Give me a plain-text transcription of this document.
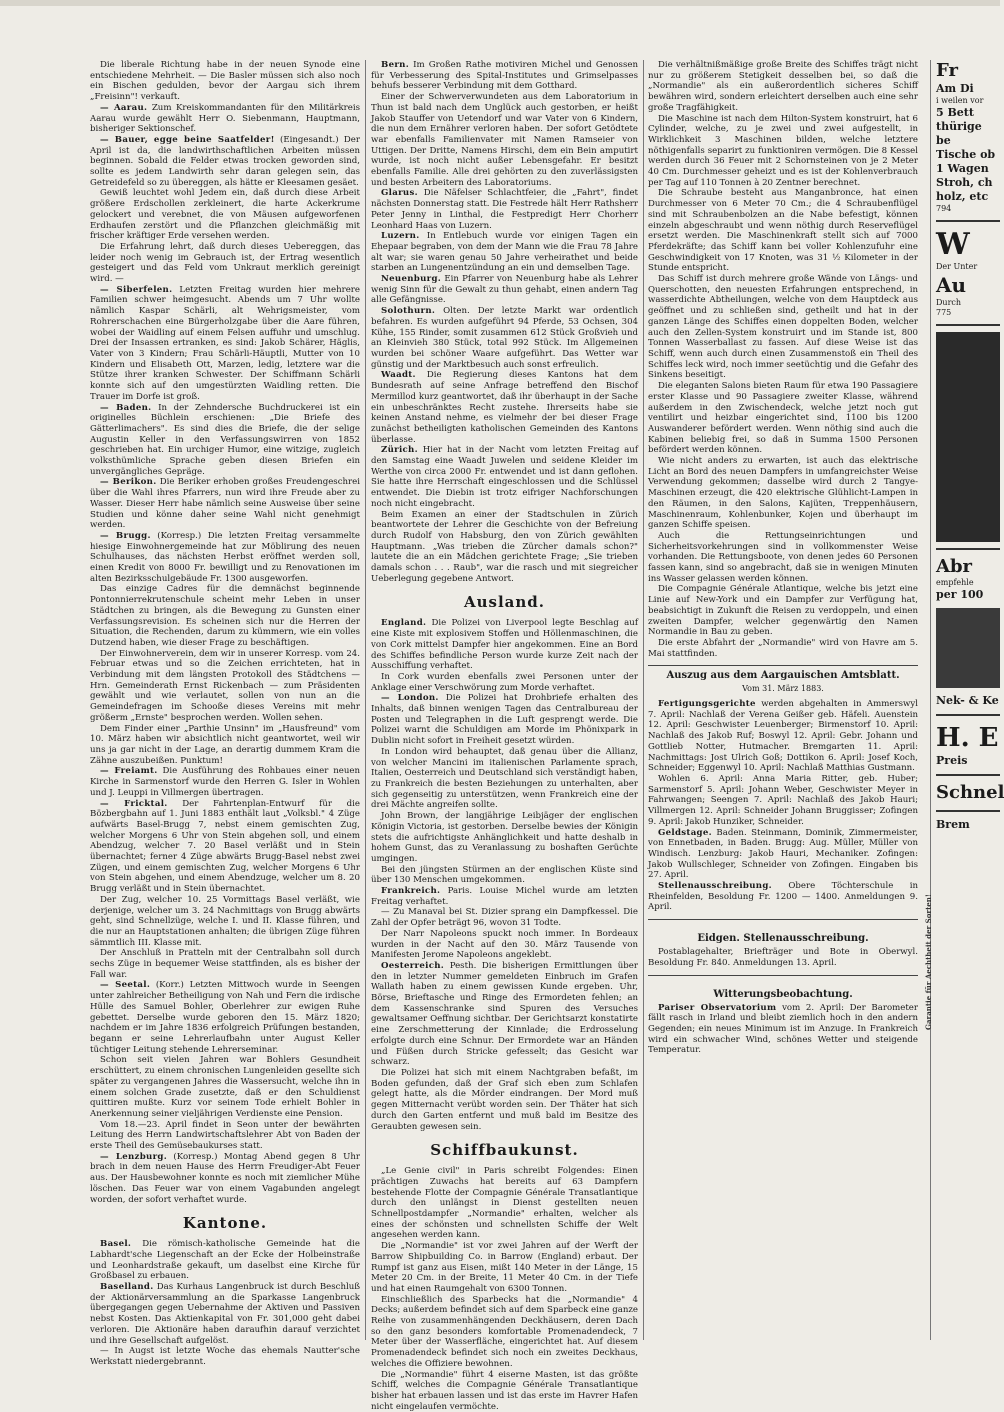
Die liberale Richtung habe in der neuen Synode eine entschiedene Mehrheit. — Die Basler müssen sich also noch ein Bischen gedulden, bevor der Aargau sich ihrem „Freisinn"! verkauft.

— Aarau. Zum Kreiskommandanten für den Militärkreis Aarau wurde gewählt Herr O. Siebenmann, Hauptmann, bisheriger Sektionschef.

— Bauer, egge beine Saatfelder! (Eingesandt.) Der April ist da, die landwirthschaftlichen Arbeiten müssen beginnen. Sobald die Felder etwas trocken geworden sind, sollte es jedem Landwirth sehr daran gelegen sein, das Getreidefeld so zu übereggen, als hätte er Kleesamen gesäet.

Gewiß leuchtet wohl Jedem ein, daß durch diese Arbeit größere Erdschollen zerkleinert, die harte Ackerkrume gelockert und verebnet, die von Mäusen aufgeworfenen Erdhaufen zerstört und die Pflanzchen gleichmäßig mit frischer kräftiger Erde versehen werden.

Die Erfahrung lehrt, daß durch dieses Uebereggen, das leider noch wenig im Gebrauch ist, der Ertrag wesentlich gesteigert und das Feld vom Unkraut merklich gereinigt wird. —

— Siberfelen. Letzten Freitag wurden hier mehrere Familien schwer heimgesucht. Abends um 7 Uhr wollte nämlich Kaspar Schärli, alt Wehrigsmeister, vom Rohrerschachen eine Bürgerholzgabe über die Aare führen, wobei der Waidling auf einem Felsen auffuhr und umschlug. Drei der Insassen ertranken, es sind: Jakob Schärer, Häglis, Vater von 3 Kindern; Frau Schärli-Häuptli, Mutter von 10 Kindern und Elisabeth Ott, Marzen, ledig, letztere war die Stütze ihrer kranken Schwester. Der Schiffmann Schärli konnte sich auf den umgestürzten Waidling retten. Die Trauer im Dorfe ist groß.

— Baden. In der Zehndersche Buchdruckerei ist ein originelles Büchlein erschienen: „Die Briefe des Gätterlimachers". Es sind dies die Briefe, die der selige Augustin Keller in den Verfassungswirren von 1852 geschrieben hat. Ein urchiger Humor, eine witzige, zugleich volksthümliche Sprache geben diesen Briefen ein unvergängliches Gepräge.

— Berikon. Die Beriker erhoben großes Freudengeschrei über die Wahl ihres Pfarrers, nun wird ihre Freude aber zu Wasser. Dieser Herr habe nämlich seine Ausweise über seine Studien und könne daher seine Wahl nicht genehmigt werden.

— Brugg. (Korresp.) Die letzten Freitag versammelte hiesige Einwohnergemeinde hat zur Möblirung des neuen Schulhauses, das nächsten Herbst eröffnet werden soll, einen Kredit von 8000 Fr. bewilligt und zu Renovationen im alten Bezirksschulgebäude Fr. 1300 ausgeworfen.

Das einzige Cadres für die demnächst beginnende Pontonnierrekrutenschule scheint mehr Leben in unser Städtchen zu bringen, als die Bewegung zu Gunsten einer Verfassungsrevision. Es scheinen sich nur die Herren der Situation, die Rechenden, darum zu kümmern, wie ein volles Dutzend haben, wie dieser Frage zu beschäftigen.

Der Einwohnerverein, dem wir in unserer Korresp. vom 24. Februar etwas und so die Zeichen errichteten, hat in Verbindung mit dem längsten Protokoll des Städtchens — Hrn. Gemeinderath Ernst Rickenbach — zum Präsidenten gewählt und wie verlautet, sollen von nun an die Gemeindefragen im Schooße dieses Vereins mit mehr größerm „Ernste" besprochen werden. Wollen sehen.

Dem Finder einer „Parthie Unsinn" im „Hausfreund" vom 10. März haben wir absichtlich nicht geantwortet, weil wir uns ja gar nicht in der Lage, an derartig dummem Kram die Zähne auszubeißen. Punktum!

— Freiamt. Die Ausführung des Rohbaues einer neuen Kirche in Sarmenstorf wurde den Herren G. Isler in Wohlen und J. Leuppi in Villmergen übertragen.

— Fricktal. Der Fahrtenplan-Entwurf für die Bözbergbahn auf 1. Juni 1883 enthält laut „Volksbl." 4 Züge aufwärts Basel-Brugg 7, nebst einem gemischten Zug, welcher Morgens 6 Uhr von Stein abgehen soll, und einem Abendzug, welcher 7. 20 Basel verläßt und in Stein übernachtet; ferner 4 Züge abwärts Brugg-Basel nebst zwei Zügen, und einem gemischten Zug, welcher Morgens 6 Uhr von Stein abgehen, und einem Abendzuge, welcher um 8. 20 Brugg verläßt und in Stein übernachtet.

Der Zug, welcher 10. 25 Vormittags Basel verläßt, wie derjenige, welcher um 3. 24 Nachmittags von Brugg abwärts geht, sind Schnellzüge, welche I. und II. Klasse führen, und die nur an Hauptstationen anhalten; die übrigen Züge führen sämmtlich III. Klasse mit.

Der Anschluß in Pratteln mit der Centralbahn soll durch sechs Züge in bequemer Weise stattfinden, als es bisher der Fall war.

— Seetal. (Korr.) Letzten Mittwoch wurde in Seengen unter zahlreicher Betheiligung von Nah und Fern die irdische Hülle des Samuel Bohler, Oberlehrer zur ewigen Ruhe gebettet. Derselbe wurde geboren den 15. März 1820; nachdem er im Jahre 1836 erfolgreich Prüfungen bestanden, begann er seine Lehrerlaufbahn unter August Keller tüchtiger Leitung stehende Lehrerseminar.

Schon seit vielen Jahren war Bohlers Gesundheit erschüttert, zu einem chronischen Lungenleiden gesellte sich später zu vergangenen Jahres die Wassersucht, welche ihn in einem solchen Grade zusetzte, daß er den Schuldienst quittiren mußte. Kurz vor seinem Tode erhielt Bohler in Anerkennung seiner vieljährigen Verdienste eine Pension.

Vom 18.—23. April findet in Seon unter der bewährten Leitung des Herrn Landwirtschaftslehrer Abt von Baden der erste Theil des Gemüsebaukurses statt.

— Lenzburg. (Korresp.) Montag Abend gegen 8 Uhr brach in dem neuen Hause des Herrn Freudiger-Abt Feuer aus. Der Hausbewohner konnte es noch mit ziemlicher Mühe löschen. Das Feuer war von einem Vagabunden angelegt worden, der sofort verhaftet wurde.

Kantone.

Basel. Die römisch-katholische Gemeinde hat die Labhardt'sche Liegenschaft an der Ecke der Holbeinstraße und Leonhardstraße gekauft, um daselbst eine Kirche für Großbasel zu erbauen.

Baselland. Das Kurhaus Langenbruck ist durch Beschluß der Aktionärversammlung an die Sparkasse Langenbruck übergegangen gegen Uebernahme der Aktiven und Passiven nebst Kosten. Das Aktienkapital von Fr. 301,000 geht dabei verloren. Die Aktionäre haben daraufhin darauf verzichtet und ihre Gesellschaft aufgelöst.

— In Augst ist letzte Woche das ehemals Nautter'sche Werkstatt niedergebrannt.

Bern. Im Großen Rathe motiviren Michel und Genossen für Verbesserung des Spital-Institutes und Grimselpasses behufs besserer Verbindung mit dem Gotthard.

Einer der Schwerverwundeten aus dem Laboratorium in Thun ist bald nach dem Unglück auch gestorben, er heißt Jakob Stauffer von Uetendorf und war Vater von 6 Kindern, die nun dem Ernährer verloren haben. Der sofort Getödtete war ebenfalls Familienvater mit Namen Ramseier von Uttigen. Der Dritte, Namens Hirschi, dem ein Bein amputirt wurde, ist noch nicht außer Lebensgefahr. Er besitzt ebenfalls Familie. Alle drei gehörten zu den zuverlässigsten und besten Arbeitern des Laboratoriums.

Glarus. Die Näfelser Schlachtfeier, die „Fahrt", findet nächsten Donnerstag statt. Die Festrede hält Herr Rathsherr Peter Jenny in Linthal, die Festpredigt Herr Chorherr Leonhard Haas von Luzern.

Luzern. In Entlebuch wurde vor einigen Tagen ein Ehepaar begraben, von dem der Mann wie die Frau 78 Jahre alt war; sie waren genau 50 Jahre verheirathet und beide starben an Lungenentzündung an ein und demselben Tage.

Neuenburg. Ein Pfarrer von Neuenburg habe als Lehrer wenig Sinn für die Gewalt zu thun gehabt, einen andern Tag alle Gefängnisse.

Solothurn. Olten. Der letzte Markt war ordentlich befahren. Es wurden aufgeführt 94 Pferde, 53 Ochsen, 304 Kühe, 155 Rinder, somit zusammen 612 Stück Großvieh und an Kleinvieh 380 Stück, total 992 Stück. Im Allgemeinen wurden bei schöner Waare aufgeführt. Das Wetter war günstig und der Marktbesuch auch sonst erfreulich.

Waadt. Die Regierung dieses Kantons hat dem Bundesrath auf seine Anfrage betreffend den Bischof Mermillod kurz geantwortet, daß ihr überhaupt in der Sache ein unbeschränktes Recht zustehe. Ihrerseits habe sie keinen Anstand nehme, es vielmehr der bei dieser Frage zunächst betheiligten katholischen Gemeinden des Kantons überlasse.

Zürich. Hier hat in der Nacht vom letzten Freitag auf den Samstag eine Waadt Juwelen und seidene Kleider im Werthe von circa 2000 Fr. entwendet und ist dann geflohen. Sie hatte ihre Herrschaft eingeschlossen und die Schlüssel entwendet. Die Diebin ist trotz eifriger Nachforschungen noch nicht eingebracht.

Beim Examen an einer der Stadtschulen in Zürich beantwortete der Lehrer die Geschichte von der Befreiung durch Rudolf von Habsburg, den von Zürich gewählten Hauptmann. „Was trieben die Zürcher damals schon?" lautete die an ein Mädchen gerichtete Frage; „Sie trieben damals schon . . . Raub", war die rasch und mit siegreicher Ueberlegung gegebene Antwort.

Ausland.

England. Die Polizei von Liverpool legte Beschlag auf eine Kiste mit explosivem Stoffen und Höllenmaschinen, die von Cork mittelst Dampfer hier angekommen. Eine an Bord des Schiffes befindliche Person wurde kurze Zeit nach der Ausschiffung verhaftet.

In Cork wurden ebenfalls zwei Personen unter der Anklage einer Verschwörung zum Morde verhaftet.

— London. Die Polizei hat Drohbriefe erhalten des Inhalts, daß binnen wenigen Tagen das Centralbureau der Posten und Telegraphen in die Luft gesprengt werde. Die Polizei warnt die Schuldigen am Morde im Phönixpark in Dublin nicht sofort in Freiheit gesetzt würden.

In London wird behauptet, daß genau über die Allianz, von welcher Mancini im italienischen Parlamente sprach, Italien, Oesterreich und Deutschland sich verständigt haben, zu Frankreich die besten Beziehungen zu unterhalten, aber sich gegenseitig zu unterstützen, wenn Frankreich eine der drei Mächte angreifen sollte.

John Brown, der langjährige Leibjäger der englischen Königin Victoria, ist gestorben. Derselbe bewies der Königin stets die aufrichtigste Anhänglichkeit und hatte deshalb in hohem Gunst, das zu Veranlassung zu boshaften Gerüchte umgingen.

Bei den jüngsten Stürmen an der englischen Küste sind über 130 Menschen umgekommen.

Frankreich. Paris. Louise Michel wurde am letzten Freitag verhaftet.

— Zu Manaval bei St. Dizier sprang ein Dampfkessel. Die Zahl der Opfer beträgt 96, wovon 31 Todte.

Der Narr Napoleons spuckt noch immer. In Bordeaux wurden in der Nacht auf den 30. März Tausende von Manifesten Jerome Napoleons angeklebt.

Oesterreich. Pesth. Die bisherigen Ermittlungen über den in letzter Nummer gemeldeten Einbruch im Grafen Wallath haben zu einem gewissen Kunde ergeben. Uhr, Börse, Brieftasche und Ringe des Ermordeten fehlen; an dem Kassenschranke sind Spuren des Versuches gewaltsamer Oeffnung sichtbar. Der Gerichtsarzt konstatirte eine Zerschmetterung der Kinnlade; die Erdrosselung erfolgte durch eine Schnur. Der Ermordete war an Händen und Füßen durch Stricke gefesselt; das Gesicht war schwarz.

Die Polizei hat sich mit einem Nachtgraben befaßt, im Boden gefunden, daß der Graf sich eben zum Schlafen gelegt hatte, als die Mörder eindrangen. Der Mord muß gegen Mitternacht verübt worden sein. Der Thäter hat sich durch den Garten entfernt und muß bald im Besitze des Geraubten gewesen sein.

Schiffbaukunst.

„Le Genie civil" in Paris schreibt Folgendes: Einen prächtigen Zuwachs hat bereits auf 63 Dampfern bestehende Flotte der Compagnie Générale Transatlantique durch den unlängst in Dienst gestellten neuen Schnellpostdampfer „Normandie" erhalten, welcher als eines der schönsten und schnellsten Schiffe der Welt angesehen werden kann.

Die „Normandie" ist vor zwei Jahren auf der Werft der Barrow Shipbuilding Co. in Barrow (England) erbaut. Der Rumpf ist ganz aus Eisen, mißt 140 Meter in der Länge, 15 Meter 20 Cm. in der Breite, 11 Meter 40 Cm. in der Tiefe und hat einen Raumgehalt von 6300 Tonnen.

Einschließlich des Sparbecks hat die „Normandie" 4 Decks; außerdem befindet sich auf dem Sparbeck eine ganze Reihe von zusammenhängenden Deckhäusern, deren Dach so den ganz besonders komfortable Promenadendeck, 7 Meter über der Wasserfläche, eingerichtet hat. Auf diesem Promenadendeck befindet sich noch ein zweites Deckhaus, welches die Offiziere bewohnen.

Die „Normandie" führt 4 eiserne Masten, ist das größte Schiff, welches die Compagnie Générale Transatlantique bisher hat erbauen lassen und ist das erste im Havrer Hafen nicht eingelaufen vermöchte.

Die verhältnißmäßige große Breite des Schiffes trägt nicht nur zu größerem Stetigkeit desselben bei, so daß die „Normandie" als ein außerordentlich sicheres Schiff bewähren wird, sondern erleichtert derselben auch eine sehr große Tragfähigkeit.

Die Maschine ist nach dem Hilton-System konstruirt, hat 6 Cylinder, welche, zu je zwei und zwei aufgestellt, in Wirklichkeit 3 Maschinen bilden, welche letztere nöthigenfalls separirt zu funktioniren vermögen. Die 8 Kessel werden durch 36 Feuer mit 2 Schornsteinen von je 2 Meter 40 Cm. Durchmesser geheizt und es ist der Kohlenverbrauch per Tag auf 110 Tonnen à 20 Zentner berechnet.

Die Schraube besteht aus Manganbronce, hat einen Durchmesser von 6 Meter 70 Cm.; die 4 Schraubenflügel sind mit Schraubenbolzen an die Nabe befestigt, können einzeln abgeschraubt und wenn nöthig durch Reserveflügel ersetzt werden. Die Maschinenkraft stellt sich auf 7000 Pferdekräfte; das Schiff kann bei voller Kohlenzufuhr eine Geschwindigkeit von 17 Knoten, was 31 ½ Kilometer in der Stunde entspricht.

Das Schiff ist durch mehrere große Wände von Längs- und Querschotten, den neuesten Erfahrungen entsprechend, in wasserdichte Abtheilungen, welche von dem Hauptdeck aus geöffnet und zu schließen sind, getheilt und hat in der ganzen Länge des Schiffes einen doppelten Boden, welcher auch den Zellen-System konstruirt und im Stande ist, 800 Tonnen Wasserballast zu fassen. Auf diese Weise ist das Schiff, wenn auch durch einen Zusammenstoß ein Theil des Schiffes leck wird, noch immer seetüchtig und die Gefahr des Sinkens beseitigt.

Die eleganten Salons bieten Raum für etwa 190 Passagiere erster Klasse und 90 Passagiere zweiter Klasse, während außerdem in den Zwischendeck, welche jetzt noch gut ventilirt und heizbar eingerichtet sind, 1100 bis 1200 Auswanderer befördert werden. Wenn nöthig sind auch die Kabinen beliebig frei, so daß in Summa 1500 Personen befördert werden können.

Wie nicht anders zu erwarten, ist auch das elektrische Licht an Bord des neuen Dampfers in umfangreichster Weise Verwendung gekommen; dasselbe wird durch 2 Tangye-Maschinen erzeugt, die 420 elektrische Glühlicht-Lampen in den Räumen, in den Salons, Kajüten, Treppenhäusern, Maschinenraum, Kohlenbunker, Kojen und überhaupt im ganzen Schiffe speisen.

Auch die Rettungseinrichtungen und Sicherheitsvorkehrungen sind in vollkommenster Weise vorhanden. Die Rettungsboote, von denen jedes 60 Personen fassen kann, sind so angebracht, daß sie in wenigen Minuten ins Wasser gelassen werden können.

Die Compagnie Générale Atlantique, welche bis jetzt eine Linie auf New-York und ein Dampfer zur Verfügung hat, beabsichtigt in Zukunft die Reisen zu verdoppeln, und einen zweiten Dampfer, welcher gegenwärtig den Namen Normandie in Bau zu geben.

Die erste Abfahrt der „Normandie" wird von Havre am 5. Mai stattfinden.

Auszug aus dem Aargauischen Amtsblatt.
Vom 31. März 1883.

Fertigungsgerichte werden abgehalten in Ammerswyl 7. April: Nachlaß der Verena Geißer geb. Häfeli. Auenstein 12. April: Geschwister Leuenberger; Birmenstorf 10. April: Nachlaß des Jakob Ruf; Boswyl 12. April: Gebr. Johann und Gottlieb Notter, Hutmacher. Bremgarten 11. April: Nachmittags: Jost Ulrich Goß; Dottikon 6. April: Josef Koch, Schneider; Eggenwyl 10. April: Nachlaß Matthias Gustmann.

Wohlen 6. April: Anna Maria Ritter, geb. Huber; Sarmenstorf 5. April: Johann Weber, Geschwister Meyer in Fahrwangen; Seengen 7. April: Nachlaß des Jakob Hauri; Villmergen 12. April: Schneider Johann Bruggisser; Zofingen 9. April: Jakob Hunziker, Schneider.

Geldstage. Baden. Steinmann, Dominik, Zimmermeister, von Ennetbaden, in Baden. Brugg: Aug. Müller, Müller von Windisch. Lenzburg: Jakob Hauri, Mechaniker. Zofingen: Jakob Wullschleger, Schneider von Zofingen. Eingaben bis 27. April.

Stellenausschreibung. Obere Töchterschule in Rheinfelden, Besoldung Fr. 1200 — 1400. Anmeldungen 9. April.

Eidgen. Stellenausschreibung.

Postablagehalter, Briefträger und Bote in Oberwyl. Besoldung Fr. 840. Anmeldungen 13. April.

Witterungsbeobachtung.

Pariser Observatorium vom 2. April: Der Barometer fällt rasch in Irland und bleibt ziemlich hoch in den andern Gegenden; ein neues Minimum ist im Anzuge. In Frankreich wird ein schwacher Wind, schönes Wetter und steigende Temperatur.

Garantie für Aechtheit der Sorten!
Fr
Am Di
i weilen vor
5 Bett
thürige be
Tische ob
1 Wagen
Stroh, ch
holz, etc
794
W
Der Unter
Au
Durch
775
Abr
empfehle
per 100
Nek- & Ke
H. E
Preis
Schnel
Brem
